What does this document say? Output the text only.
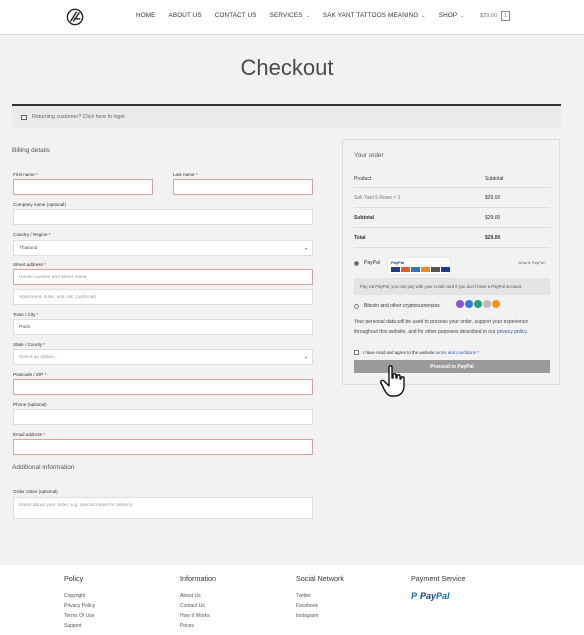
HOME ABOUT US CONTACT US SERVICES ⌄ SAK YANT TATTOOS MEANING ⌄ SHOP ⌄	$29.00	1
Checkout
Returning customer? Click here to login
Billing details
First name *	Last name *
Company name (optional)
Country / Region *
Thailand	▾
Street address *
House number and street name
Apartment, suite, unit, etc. (optional)
Town / City *
Paris
State / County *
Select an option…	▾
Postcode / ZIP *
Phone (optional)
Email address *
Additional information
Order notes (optional)
Notes about your order, e.g. special notes for delivery.
Your order
Product	Subtotal
Sak Yant 5 Rows × 1	$29.00
Subtotal	$29.00
Total	$29.00
PayPal	PayPal	What is PayPal?
Pay via PayPal; you can pay with your credit card if you don't have a PayPal account.
Bitcoin and other cryptocurrencies
Your personal data will be used to process your order, support your experience throughout this website, and for other purposes described in our privacy policy.
I have read and agree to the website
terms and conditions
*
Proceed to PayPal
Policy
Copyright
Privacy Policy
Terms Of Use
Support
Information
About Us
Contact Us
How It Works
Prices
Social Network
Twitter
Facebook
Instagram
Payment Service
P Pay Pal
